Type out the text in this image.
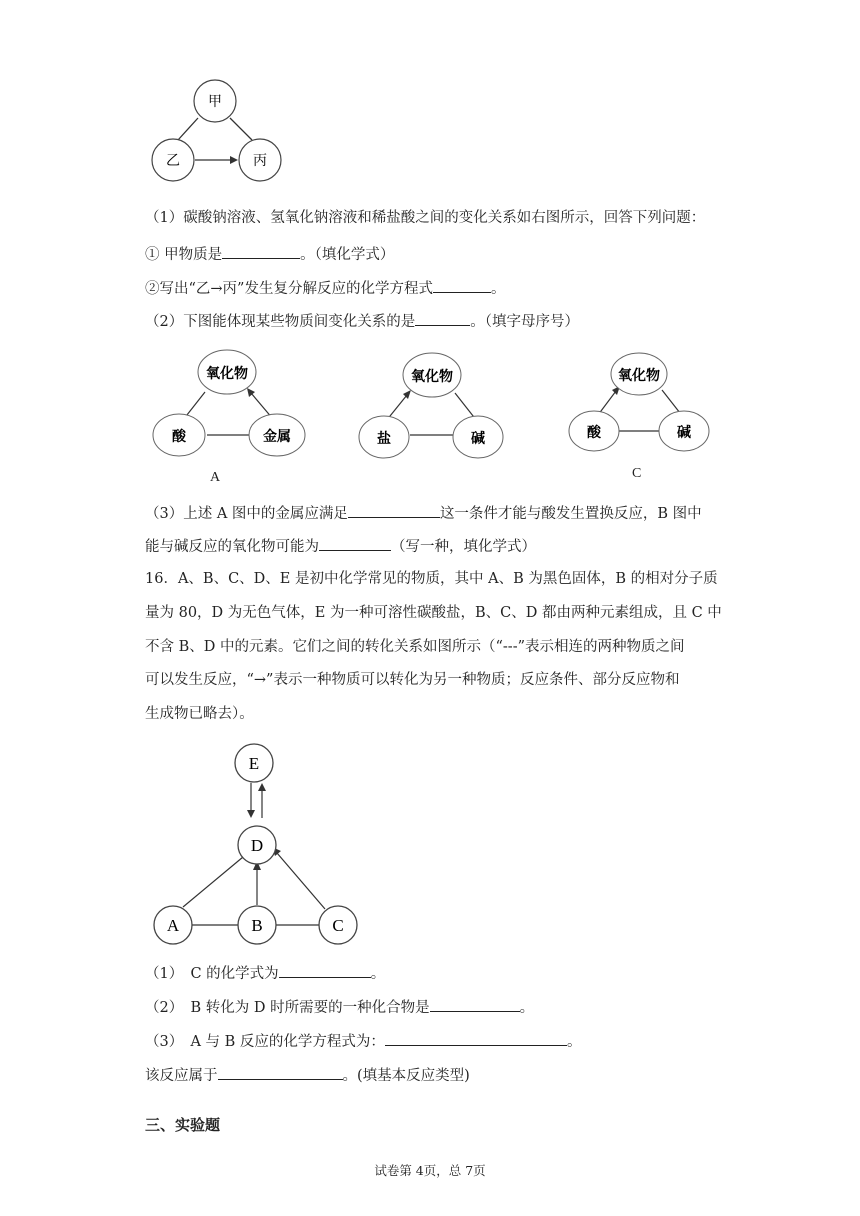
甲
乙	丙
（1）碳酸钠溶液、氢氧化钠溶液和稀盐酸之间的变化关系如右图所示，回答下列问题：
① 甲物质是	。（填化学式）
②写出“乙→丙”发生复分解反应的化学方程式	。
（2）下图能体现某些物质间变化关系的是	。（填字母序号）
氧化物
酸	金属
A
氧化物
盐	碱
氧化物
酸	碱
C
（3）上述 A 图中的金属应满足	这一条件才能与酸发生置换反应，B 图中
能与碱反应的氧化物可能为	（写一种，填化学式）
16．A、B、C、D、E 是初中化学常见的物质，其中 A、B 为黑色固体，B 的相对分子质
量为 80，D 为无色气体，E 为一种可溶性碳酸盐，B、C、D 都由两种元素组成，且 C 中
不含 B、D 中的元素。它们之间的转化关系如图所示（“---”表示相连的两种物质之间
可以发生反应，“→”表示一种物质可以转化为另一种物质；反应条件、部分反应物和
生成物已略去）。
E
D
A	B	C
（1）　C 的化学式为	。
（2）　B 转化为 D 时所需要的一种化合物是	。
（3）　A 与 B 反应的化学方程式为：	。
该反应属于	。(填基本反应类型)
三、实验题
试卷第 4页，总 7页
